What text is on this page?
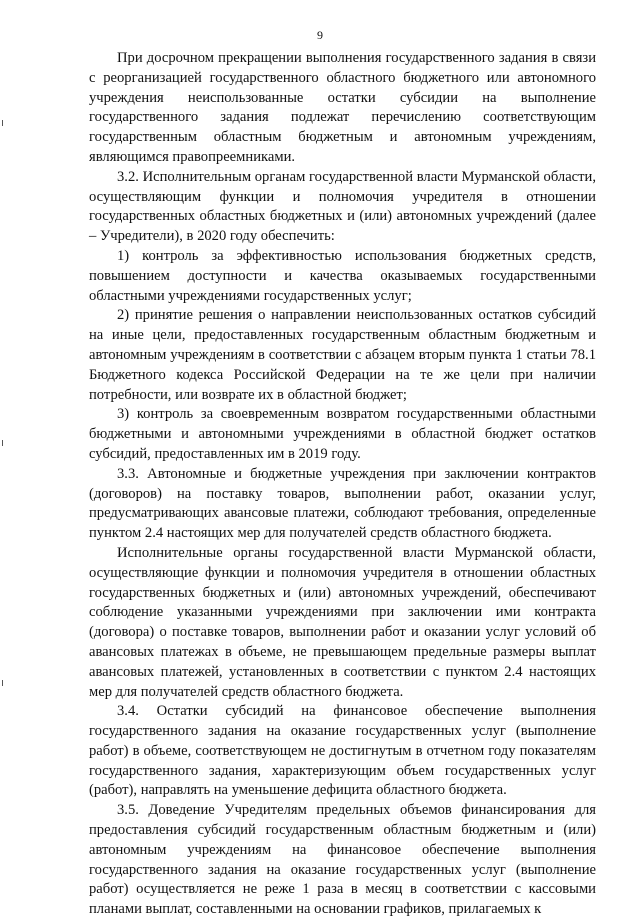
9

При досрочном прекращении выполнения государственного задания в связи с реорганизацией государственного областного бюджетного или автономного учреждения неиспользованные остатки субсидии на выполнение государственного задания подлежат перечислению соответствующим государственным областным бюджетным и автономным учреждениям, являющимся правопреемниками.

3.2. Исполнительным органам государственной власти Мурманской области, осуществляющим функции и полномочия учредителя в отношении государственных областных бюджетных и (или) автономных учреждений (далее – Учредители), в 2020 году обеспечить:

1) контроль за эффективностью использования бюджетных средств, повышением доступности и качества оказываемых государственными областными учреждениями государственных услуг;

2) принятие решения о направлении неиспользованных остатков субсидий на иные цели, предоставленных государственным областным бюджетным и автономным учреждениям в соответствии с абзацем вторым пункта 1 статьи 78.1 Бюджетного кодекса Российской Федерации на те же цели при наличии потребности, или возврате их в областной бюджет;

3) контроль за своевременным возвратом государственными областными бюджетными и автономными учреждениями в областной бюджет остатков субсидий, предоставленных им в 2019 году.

3.3. Автономные и бюджетные учреждения при заключении контрактов (договоров) на поставку товаров, выполнении работ, оказании услуг, предусматривающих авансовые платежи, соблюдают требования, определенные пунктом 2.4 настоящих мер для получателей средств областного бюджета.

Исполнительные органы государственной власти Мурманской области, осуществляющие функции и полномочия учредителя в отношении областных государственных бюджетных и (или) автономных учреждений, обеспечивают соблюдение указанными учреждениями при заключении ими контракта (договора) о поставке товаров, выполнении работ и оказании услуг условий об авансовых платежах в объеме, не превышающем предельные размеры выплат авансовых платежей, установленных в соответствии с пунктом 2.4 настоящих мер для получателей средств областного бюджета.

3.4. Остатки субсидий на финансовое обеспечение выполнения государственного задания на оказание государственных услуг (выполнение работ) в объеме, соответствующем не достигнутым в отчетном году показателям государственного задания, характеризующим объем государственных услуг (работ), направлять на уменьшение дефицита областного бюджета.

3.5. Доведение Учредителям предельных объемов финансирования для предоставления субсидий государственным областным бюджетным и (или) автономным учреждениям на финансовое обеспечение выполнения государственного задания на оказание государственных услуг (выполнение работ) осуществляется не реже 1 раза в месяц в соответствии с кассовыми планами выплат, составленными на основании графиков, прилагаемых к
